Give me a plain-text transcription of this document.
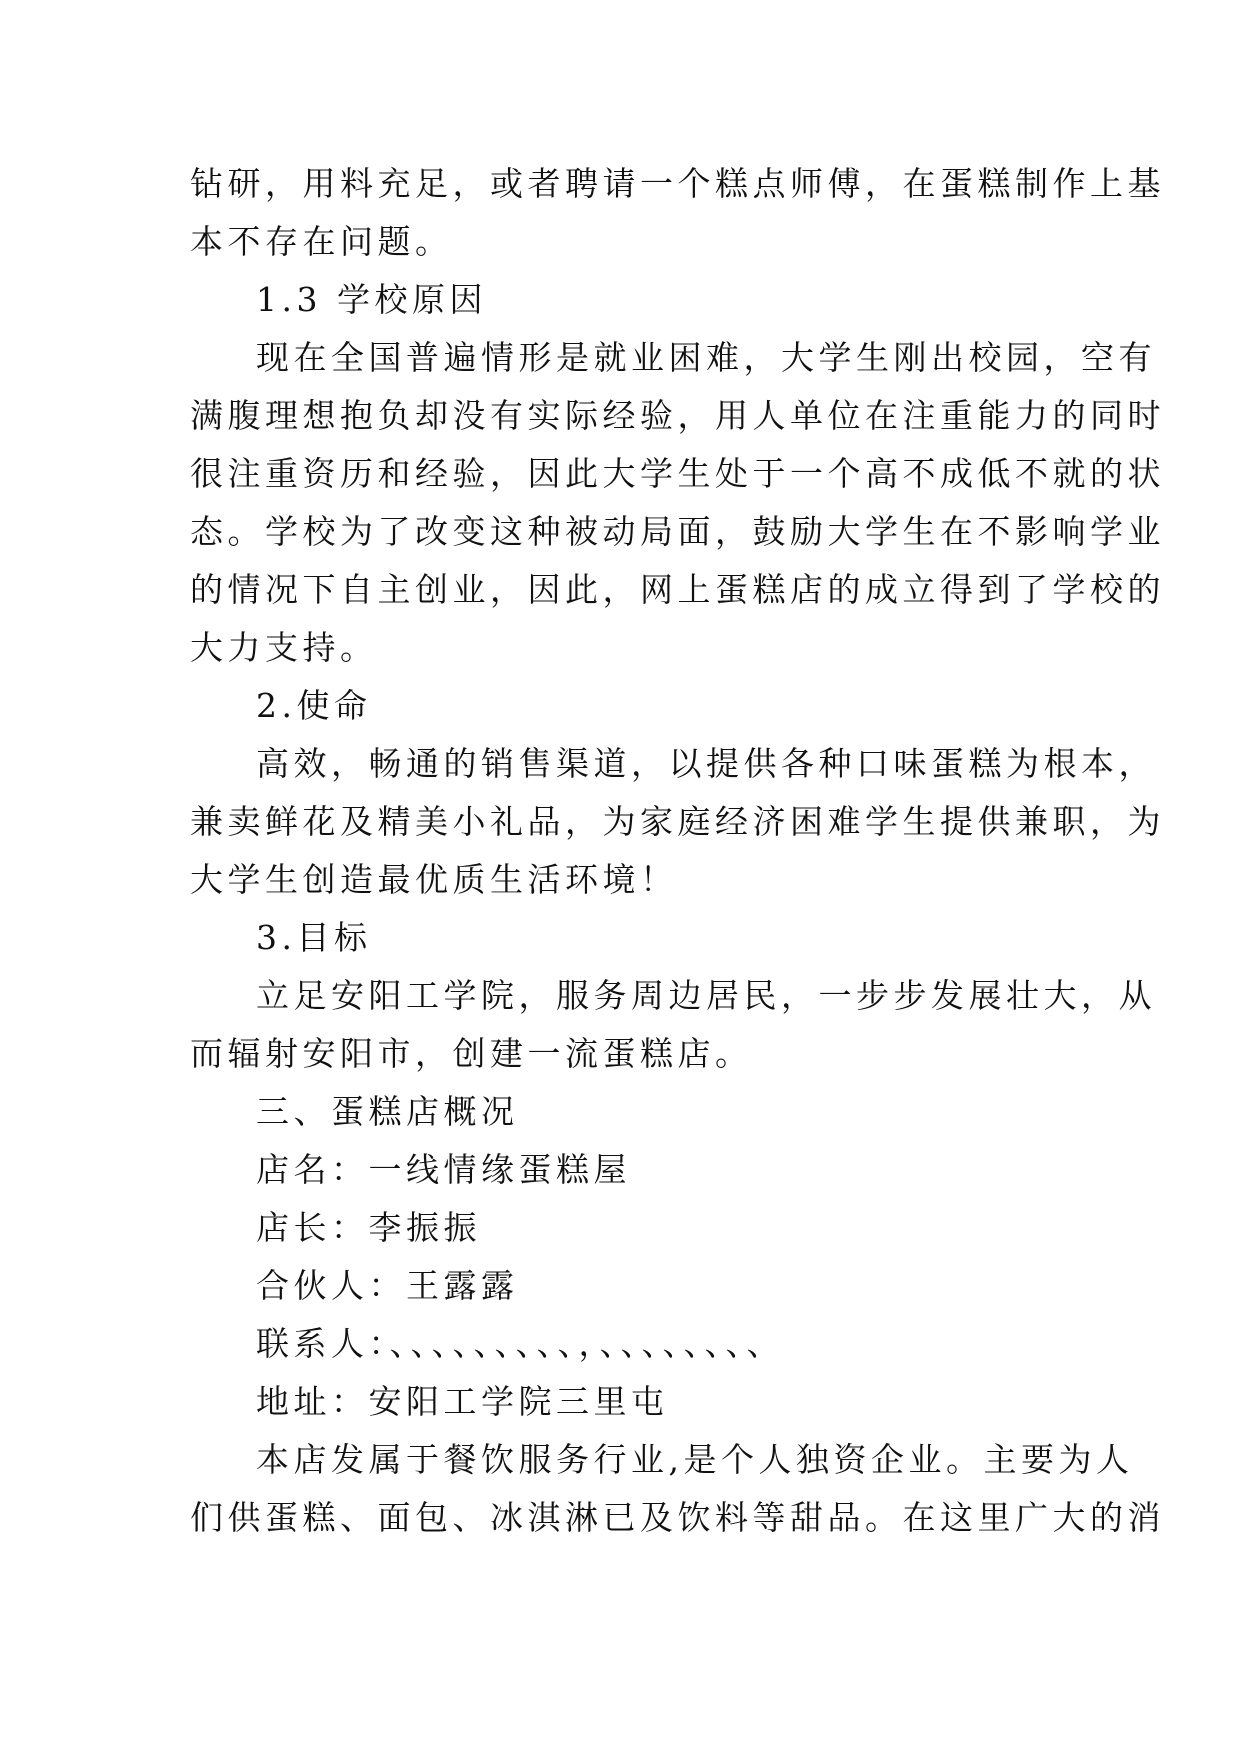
钻研，用料充足，或者聘请一个糕点师傅，在蛋糕制作上基
本不存在问题。
1.3 学校原因
现在全国普遍情形是就业困难，大学生刚出校园，空有
满腹理想抱负却没有实际经验，用人单位在注重能力的同时
很注重资历和经验，因此大学生处于一个高不成低不就的状
态。学校为了改变这种被动局面，鼓励大学生在不影响学业
的情况下自主创业，因此，网上蛋糕店的成立得到了学校的
大力支持。
2.使命
高效，畅通的销售渠道，以提供各种口味蛋糕为根本，
兼卖鲜花及精美小礼品，为家庭经济困难学生提供兼职，为
大学生创造最优质生活环境！
3.目标
立足安阳工学院，服务周边居民，一步步发展壮大，从
而辐射安阳市，创建一流蛋糕店。
三、蛋糕店概况
店名：一线情缘蛋糕屋
店长：李振振
合伙人：王露露
联系人：、、、、、、、、、，、、、、、、、、
地址：安阳工学院三里屯
本店发属于餐饮服务行业,是个人独资企业。主要为人
们供蛋糕、面包、冰淇淋已及饮料等甜品。在这里广大的消
